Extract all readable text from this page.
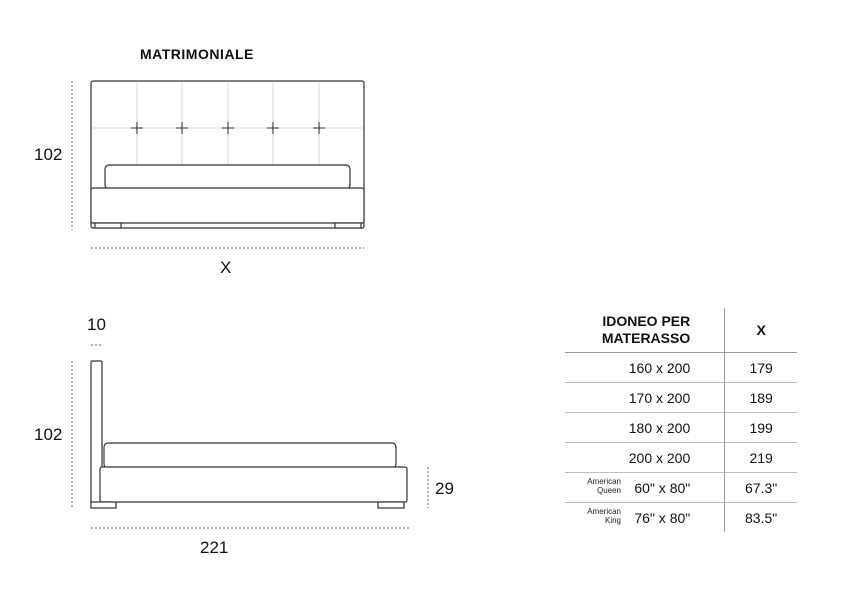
MATRIMONIALE
102
X
10
102
29
221
IDONEO PER
MATERASSO	X
160 x 200	179
170 x 200	189
180 x 200	199
200 x 200	219

American
Queen 60" x 80"	67.3"

American
King 76" x 80"	83.5"
